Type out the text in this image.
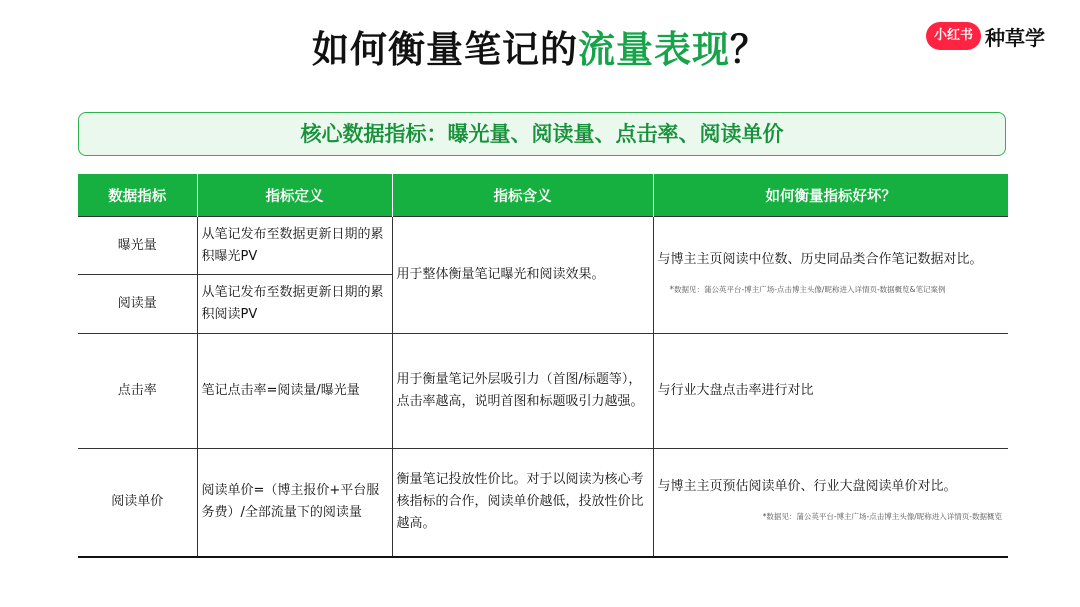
如何衡量笔记的流量表现？	小红书 种草学
核心数据指标：曝光量、阅读量、点击率、阅读单价
数据指标	指标定义	指标含义	如何衡量指标好坏？
曝光量	从笔记发布至数据更新日期的累积曝光PV	用于整体衡量笔记曝光和阅读效果。	与博主主页阅读中位数、历史同品类合作笔记数据对比。
*数据见：蒲公英平台-博主广场-点击博主头像/昵称进入详情页-数据概览&笔记案例

阅读量	从笔记发布至数据更新日期的累积阅读PV		
点击率	笔记点击率=阅读量/曝光量	用于衡量笔记外层吸引力（首图/标题等），点击率越高，说明首图和标题吸引力越强。	与行业大盘点击率进行对比
阅读单价	阅读单价=（博主报价+平台服务费）/全部流量下的阅读量	衡量笔记投放性价比。对于以阅读为核心考核指标的合作，阅读单价越低，投放性价比越高。	与博主主页预估阅读单价、行业大盘阅读单价对比。
*数据见：蒲公英平台-博主广场-点击博主头像/昵称进入详情页-数据概览
